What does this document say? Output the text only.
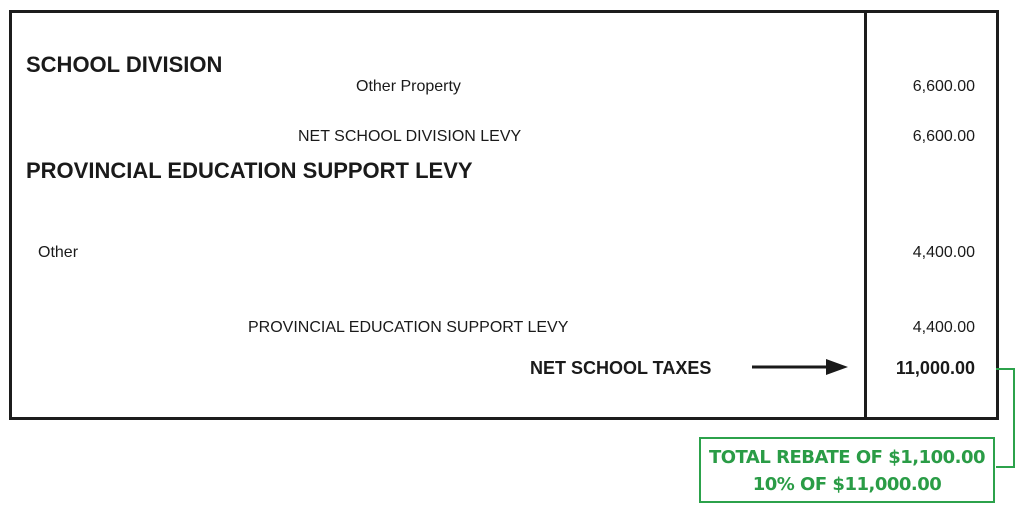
SCHOOL DIVISION
Other Property	6,600.00
NET SCHOOL DIVISION LEVY	6,600.00
PROVINCIAL EDUCATION SUPPORT LEVY
Other	4,400.00
PROVINCIAL EDUCATION SUPPORT LEVY	4,400.00
NET SCHOOL TAXES	11,000.00
TOTAL REBATE OF $1,100.00
10% OF $11,000.00
